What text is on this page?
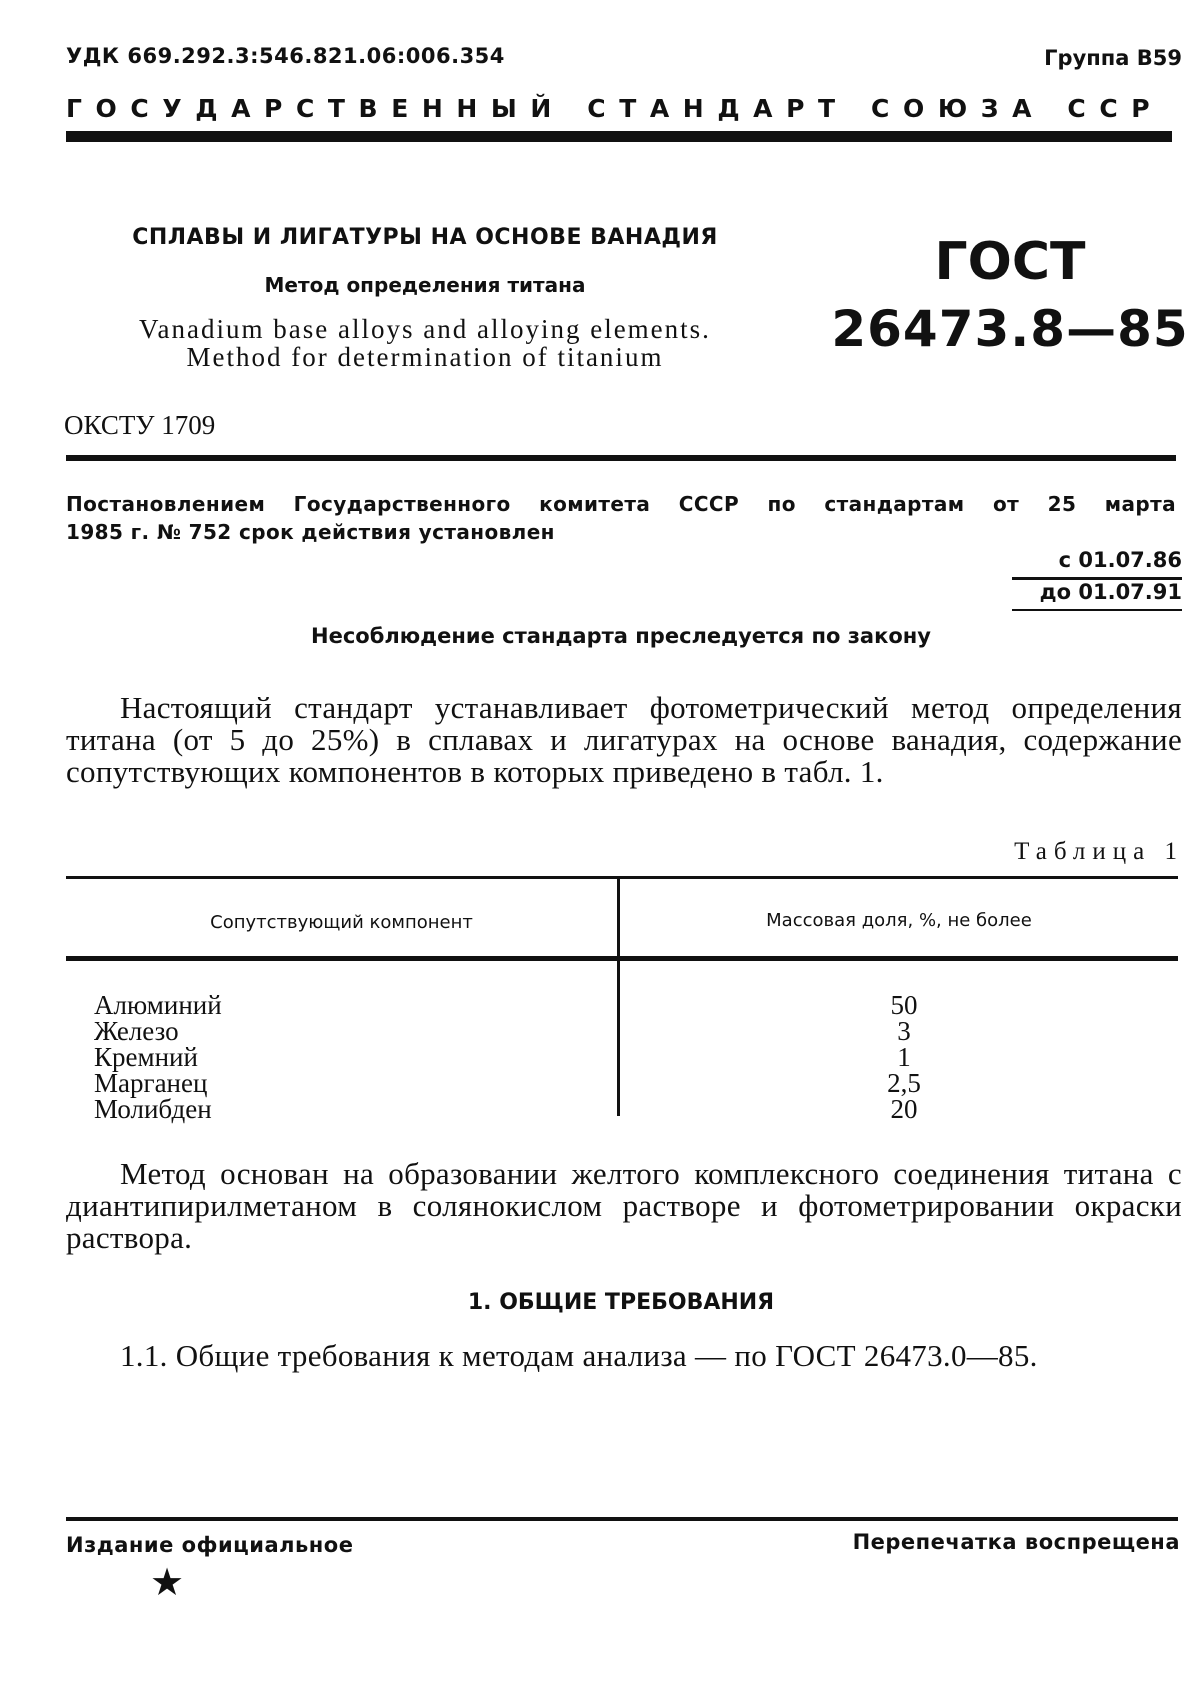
УДК 669.292.3:546.821.06:006.354	Группа В59
ГОСУДАРСТВЕННЫЙ СТАНДАРТ СОЮЗА ССР
СПЛАВЫ И ЛИГАТУРЫ НА ОСНОВЕ ВАНАДИЯ
Метод определения титана
Vanadium base alloys and alloying elements.
Method for determination of titanium
ГОСТ
26473.8—85
ОКСТУ 1709
Постановлением Государственного комитета СССР по стандартам от 25 марта
1985 г. № 752 срок действия установлен
с 01.07.86
до 01.07.91
Несоблюдение стандарта преследуется по закону
Настоящий стандарт устанавливает фотометрический метод определения титана (от 5 до 25%) в сплавах и лигатурах на основе ванадия, содержание сопутствующих компонентов в которых приведено в табл. 1.
Таблица 1
Сопутствующий компонент	Массовая доля, %, не более
Алюминий	50
Железо	3
Кремний	1
Марганец	2,5
Молибден	20
Метод основан на образовании желтого комплексного соединения титана с диантипирилметаном в солянокислом растворе и фотометрировании окраски раствора.
1. ОБЩИЕ ТРЕБОВАНИЯ
1.1. Общие требования к методам анализа — по ГОСТ 26473.0—85.
Издание официальное	Перепечатка воспрещена
★
